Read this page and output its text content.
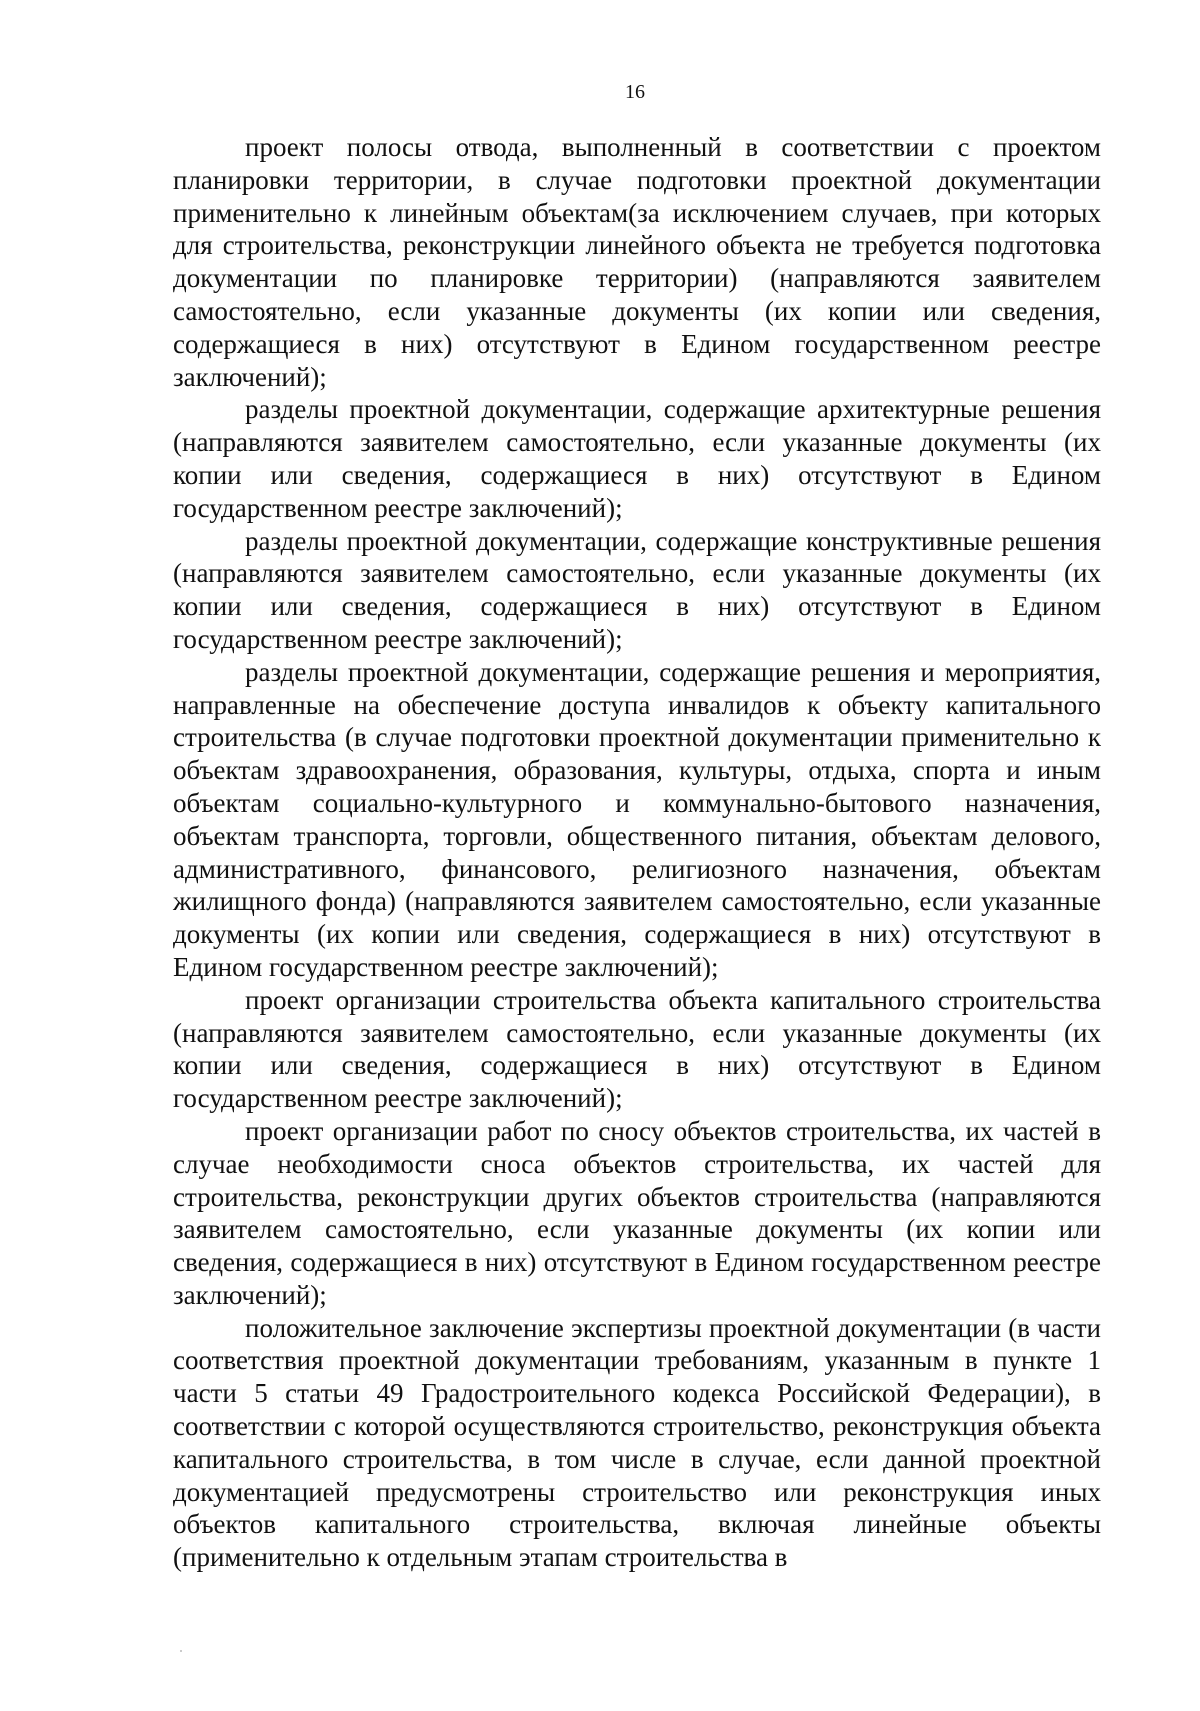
16

проект полосы отвода, выполненный в соответствии с проектом планировки территории, в случае подготовки проектной документации применительно к линейным объектам(за исключением случаев, при которых для строительства, реконструкции линейного объекта не требуется подготовка документации по планировке территории) (направляются заявителем самостоятельно, если указанные документы (их копии или сведения, содержащиеся в них) отсутствуют в Едином государственном реестре заключений);

разделы проектной документации, содержащие архитектурные решения (направляются заявителем самостоятельно, если указанные документы (их копии или сведения, содержащиеся в них) отсутствуют в Едином государственном реестре заключений);

разделы проектной документации, содержащие конструктивные решения (направляются заявителем самостоятельно, если указанные документы (их копии или сведения, содержащиеся в них) отсутствуют в Едином государственном реестре заключений);

разделы проектной документации, содержащие решения и мероприятия, направленные на обеспечение доступа инвалидов к объекту капитального строительства (в случае подготовки проектной документации применительно к объектам здравоохранения, образования, культуры, отдыха, спорта и иным объектам социально-культурного и коммунально-бытового назначения, объектам транспорта, торговли, общественного питания, объектам делового, административного, финансового, религиозного назначения, объектам жилищного фонда) (направляются заявителем самостоятельно, если указанные документы (их копии или сведения, содержащиеся в них) отсутствуют в Едином государственном реестре заключений);

проект организации строительства объекта капитального строительства (направляются заявителем самостоятельно, если указанные документы (их копии или сведения, содержащиеся в них) отсутствуют в Едином государственном реестре заключений);

проект организации работ по сносу объектов строительства, их частей в случае необходимости сноса объектов строительства, их частей для строительства, реконструкции других объектов строительства (направляются заявителем самостоятельно, если указанные документы (их копии или сведения, содержащиеся в них) отсутствуют в Едином государственном реестре заключений);

положительное заключение экспертизы проектной документации (в части соответствия проектной документации требованиям, указанным в пункте 1 части 5 статьи 49 Градостроительного кодекса Российской Федерации), в соответствии с которой осуществляются строительство, реконструкция объекта капитального строительства, в том числе в случае, если данной проектной документацией предусмотрены строительство или реконструкция иных объектов капитального строительства, включая линейные объекты (применительно к отдельным этапам строительства в
